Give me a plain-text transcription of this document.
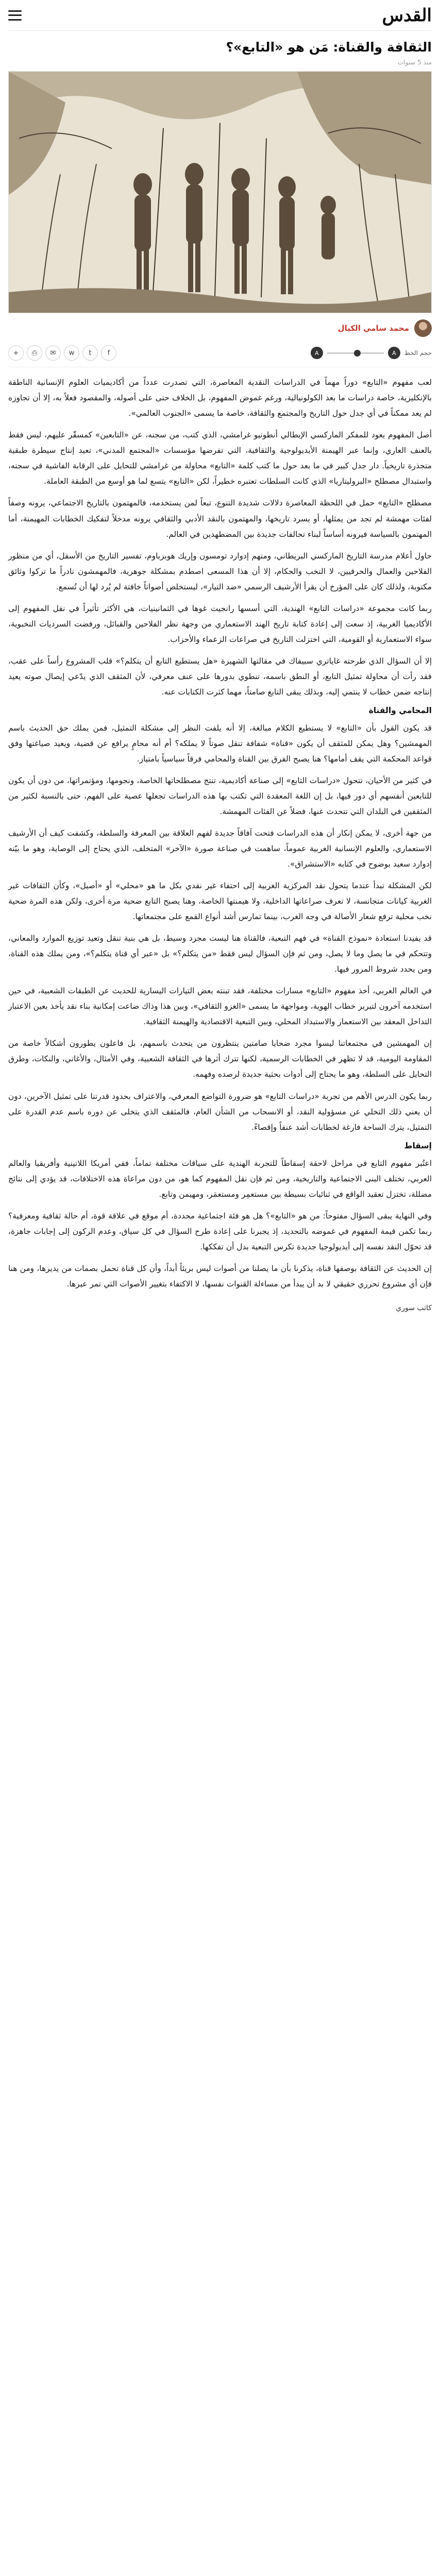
القدس
الثقافة والقناة: مَن هو «التابع»؟
منذ 5 سنوات
محمد سامي الكيال
حجم الخط
A
A
f
t
w
✉
⎙
+

لعب مفهوم «التابع» دوراً مهماً في الدراسات النقدية المعاصرة، التي تصدرت عدداً من أكاديميات العلوم الإنسانية الناطقة بالإنكليزية، خاصة دراسات ما بعد الكولونيالية، ورغم غموض المفهوم، بل الخلاف حتى على أصوله، والمقصود فعلاً به، إلا أن تجاوزه لم يعد ممكناً في أي جدل حول التاريخ والمجتمع والثقافة، خاصة ما يسمى «الجنوب العالمي».

أصل المفهوم يعود للمفكر الماركسي الإيطالي أنطونيو غرامشي، الذي كتب، من سجنه، عن «التابعين» كمسقّر عليهم، ليس فقط بالعنف العاري، وإنما عبر الهيمنة الأيديولوجية والثقافية، التي تفرضها مؤسسات «المجتمع المدني»، تعيد إنتاج سيطرة طبقية متجذرة تاريخياً. دار جدل كبير في ما بعد حول ما كتب كلمة «التابع» محاولة من غرامشي للتحايل على الرقابة الفاشية في سجنه، واستبدال مصطلح «البروليتاريا» الذي كانت السلطات تعتبره خطيراً، لكن «التابع» يتسع لما هو أوسع من الطبقة العاملة.

مصطلح «التابع» حمل في اللحظة المعاصرة دلالات شديدة التنوع، تبعاً لمن يستخدمه، فالمهتمون بالتاريخ الاجتماعي، يرونه وصفاً لفئات مهمشة لم تجد من يمثلها، أو يسرد تاريخها، والمهتمون بالنقد الأدبي والثقافي يرونه مدخلاً لتفكيك الخطابات المهيمنة، أما المهتمون بالسياسة فيرونه أساساً لبناء تحالفات جديدة بين المضطهدين في العالم.

حاول أعلام مدرسة التاريخ الماركسي البريطاني، ومنهم إدوارد تومسون وإريك هوبزباوم، تفسير التاريخ من الأسفل، أي من منظور الفلاحين والعمال والحرفيين، لا النخب والحكام، إلا أن هذا المسعى اصطدم بمشكلة جوهرية، فالمهمشون نادراً ما تركوا وثائق مكتوبة، ولذلك كان على المؤرخ أن يقرأ الأرشيف الرسمي «ضد التيار»، ليستخلص أصواتاً خافتة لم يُرد لها أن تُسمع.

ربما كانت مجموعة «دراسات التابع» الهندية، التي أسسها رانجيت غوها في الثمانينيات، هي الأكثر تأثيراً في نقل المفهوم إلى الأكاديميا الغربية، إذ سعت إلى إعادة كتابة تاريخ الهند الاستعماري من وجهة نظر الفلاحين والقبائل، ورفضت السرديات النخبوية، سواء الاستعمارية أو القومية، التي اختزلت التاريخ في صراعات الزعماء والأحزاب.

إلا أن السؤال الذي طرحته غاياتري سبيفاك في مقالتها الشهيرة «هل يستطيع التابع أن يتكلم؟» قلب المشروع رأساً على عقب، فقد رأت أن محاولة تمثيل التابع، أو النطق باسمه، تنطوي بدورها على عنف معرفي، لأن المثقف الذي يدّعي إيصال صوته يعيد إنتاجه ضمن خطاب لا ينتمي إليه، وبذلك يبقى التابع صامتاً، مهما كثرت الكتابات عنه.

المحامي والقناة

قد يكون القول بأن «التابع» لا يستطيع الكلام مبالغة، إلا أنه يلفت النظر إلى مشكلة التمثيل، فمن يملك حق الحديث باسم المهمشين؟ وهل يمكن للمثقف أن يكون «قناة» شفافة تنقل صوتاً لا يملكه؟ أم أنه محامٍ يرافع عن قضية، ويعيد صياغتها وفق قواعد المحكمة التي يقف أمامها؟ هنا يصبح الفرق بين القناة والمحامي فرقاً سياسياً بامتياز.

في كثير من الأحيان، تتحول «دراسات التابع» إلى صناعة أكاديمية، تنتج مصطلحاتها الخاصة، ونجومها، ومؤتمراتها، من دون أن يكون للتابعين أنفسهم أي دور فيها، بل إن اللغة المعقدة التي تكتب بها هذه الدراسات تجعلها عصية على الفهم، حتى بالنسبة لكثير من المثقفين في البلدان التي تتحدث عنها، فضلاً عن الفئات المهمشة.

من جهة أخرى، لا يمكن إنكار أن هذه الدراسات فتحت آفاقاً جديدة لفهم العلاقة بين المعرفة والسلطة، وكشفت كيف أن الأرشيف الاستعماري، والعلوم الإنسانية الغربية عموماً، ساهمت في صناعة صورة «الآخر» المتخلف، الذي يحتاج إلى الوصاية، وهو ما بيّنه إدوارد سعيد بوضوح في كتابه «الاستشراق».

لكن المشكلة تبدأ عندما يتحول نقد المركزية الغربية إلى احتفاء غير نقدي بكل ما هو «محلي» أو «أصيل»، وكأن الثقافات غير الغربية كيانات متجانسة، لا تعرف صراعاتها الداخلية، ولا هيمنتها الخاصة، وهنا يصبح التابع ضحية مرة أخرى، ولكن هذه المرة ضحية نخب محلية ترفع شعار الأصالة في وجه الغرب، بينما تمارس أشد أنواع القمع على مجتمعاتها.

قد يفيدنا استعادة «نموذج القناة» في فهم التبعية، فالقناة هنا ليست مجرد وسيط، بل هي بنية تنقل وتعيد توزيع الموارد والمعاني، وتتحكم في ما يصل وما لا يصل، ومن ثم فإن السؤال ليس فقط «من يتكلم؟» بل «عبر أي قناة يتكلم؟»، ومن يملك هذه القناة، ومن يحدد شروط المرور فيها.

في العالم العربي، أخذ مفهوم «التابع» مسارات مختلفة، فقد تبنته بعض التيارات اليسارية للحديث عن الطبقات الشعبية، في حين استخدمه آخرون لتبرير خطاب الهوية، ومواجهة ما يسمى «الغزو الثقافي»، وبين هذا وذاك ضاعت إمكانية بناء نقد يأخذ بعين الاعتبار التداخل المعقد بين الاستعمار والاستبداد المحلي، وبين التبعية الاقتصادية والهيمنة الثقافية.

إن المهمشين في مجتمعاتنا ليسوا مجرد ضحايا صامتين ينتظرون من يتحدث باسمهم، بل فاعلون يطورون أشكالاً خاصة من المقاومة اليومية، قد لا تظهر في الخطابات الرسمية، لكنها تترك أثرها في الثقافة الشعبية، وفي الأمثال، والأغاني، والنكات، وطرق التحايل على السلطة، وهو ما يحتاج إلى أدوات بحثية جديدة لرصده وفهمه.

ربما يكون الدرس الأهم من تجربة «دراسات التابع» هو ضرورة التواضع المعرفي، والاعتراف بحدود قدرتنا على تمثيل الآخرين، دون أن يعني ذلك التخلي عن مسؤولية النقد، أو الانسحاب من الشأن العام، فالمثقف الذي يتخلى عن دوره باسم عدم القدرة على التمثيل، يترك الساحة فارغة لخطابات أشد عنفاً وإقصاءً.

إسقاط

اعتُبر مفهوم التابع في مراحل لاحقة إسقاطاً للتجربة الهندية على سياقات مختلفة تماماً، ففي أمريكا اللاتينية وأفريقيا والعالم العربي، تختلف البنى الاجتماعية والتاريخية، ومن ثم فإن نقل المفهوم كما هو، من دون مراعاة هذه الاختلافات، قد يؤدي إلى نتائج مضللة، تختزل تعقيد الواقع في ثنائيات بسيطة بين مستعمِر ومستعمَر، ومهيمن وتابع.

وفي النهاية يبقى السؤال مفتوحاً: من هو «التابع»؟ هل هو فئة اجتماعية محددة، أم موقع في علاقة قوة، أم حالة ثقافية ومعرفية؟ ربما تكمن قيمة المفهوم في غموضه بالتحديد، إذ يجبرنا على إعادة طرح السؤال في كل سياق، وعدم الركون إلى إجابات جاهزة، قد تحوّل النقد نفسه إلى أيديولوجيا جديدة تكرس التبعية بدل أن تفككها.

إن الحديث عن الثقافة بوصفها قناة، يذكرنا بأن ما يصلنا من أصوات ليس بريئاً أبداً، وأن كل قناة تحمل بصمات من يديرها، ومن هنا فإن أي مشروع تحرري حقيقي لا بد أن يبدأ من مساءلة القنوات نفسها، لا الاكتفاء بتغيير الأصوات التي تمر عبرها.

كاتب سوري
